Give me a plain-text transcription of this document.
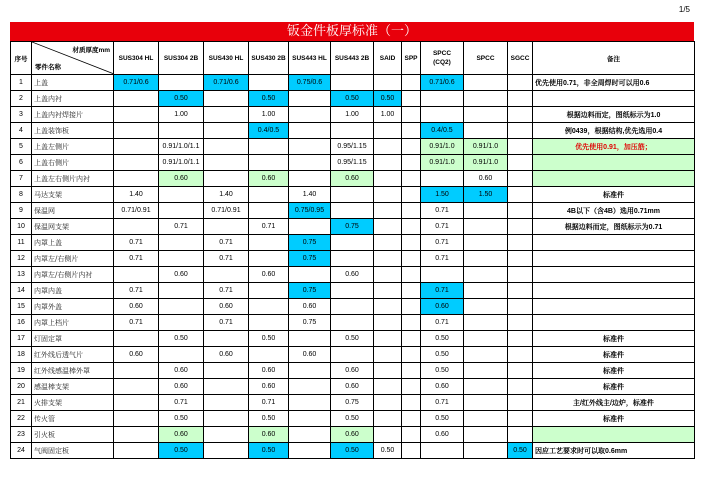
1/5
钣金件板厚标准（一）
序号	材质厚度mm
零件名称	SUS304 HL	SUS304 2B	SUS430 HL	SUS430 2B	SUS443 HL	SUS443 2B	SAID	SPP	SPCC
(CQ2)	SPCC	SGCC	备注
1	上盖	0.71/0.6		0.71/0.6		0.75/0.6				0.71/0.6			优先使用0.71，非全周焊时可以用0.6
2	上盖内衬		0.50		0.50		0.50	0.50					
3	上盖内衬焊接片		1.00		1.00		1.00	1.00					根据边料而定，图纸标示为1.0
4	上盖装饰板				0.4/0.5					0.4/0.5			例0439，根据结构,优先选用0.4
5	上盖左侧片		0.91/1.0/1.1				0.95/1.15			0.91/1.0	0.91/1.0		优先使用0.91，加压筋；
6	上盖右侧片		0.91/1.0/1.1				0.95/1.15			0.91/1.0	0.91/1.0		
7	上盖左右侧片内衬		0.60		0.60		0.60				0.60		
8	马达支架	1.40		1.40		1.40				1.50	1.50		标准件
9	保温网	0.71/0.91		0.71/0.91		0.75/0.95				0.71			4B以下（含4B）选用0.71mm
10	保温网支架		0.71		0.71		0.75			0.71			根据边料而定，图纸标示为0.71
11	内罩上盖	0.71		0.71		0.75				0.71			
12	内罩左/右侧片	0.71		0.71		0.75				0.71			
13	内罩左/右侧片内衬		0.60		0.60		0.60						
14	内罩内盖	0.71		0.71		0.75				0.71			
15	内罩外盖	0.60		0.60		0.60				0.60			
16	内罩上档片	0.71		0.71		0.75				0.71			
17	灯固定罩		0.50		0.50		0.50			0.50			标准件
18	红外线后透气片	0.60		0.60		0.60				0.50			标准件
19	红外线感温棒外罩		0.60		0.60		0.60			0.50			标准件
20	感温棒支架		0.60		0.60		0.60			0.60			标准件
21	火排支架		0.71		0.71		0.75			0.71			主/红外线主/边炉，标准件
22	传火管		0.50		0.50		0.50			0.50			标准件
23	引火板		0.60		0.60		0.60			0.60			
24	气阀固定板		0.50		0.50		0.50	0.50				0.50	因应工艺要求时可以取0.6mm
